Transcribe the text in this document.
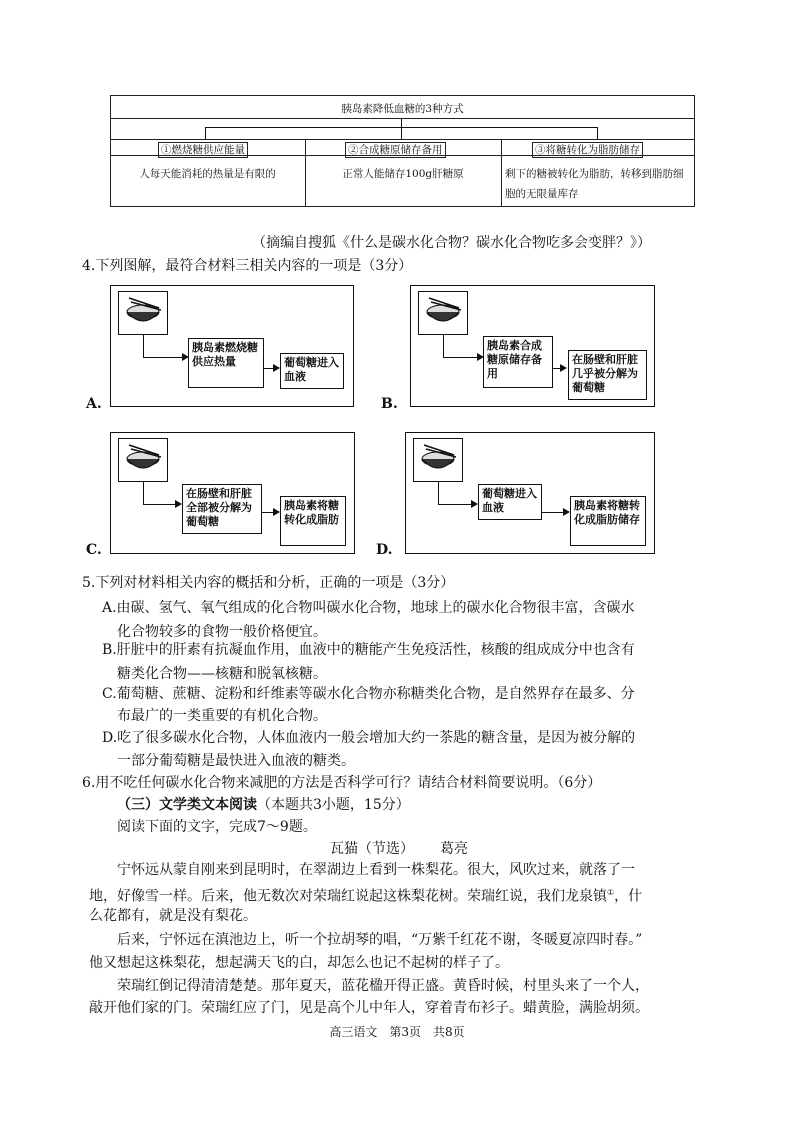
胰岛素降低血糖的3种方式
①燃烧糖供应能量	②合成糖原储存备用	③将糖转化为脂肪储存
人每天能消耗的热量是有限的	正常人能储存100g肝糖原	剩下的糖被转化为脂肪，转移到脂肪细胞的无限量库存
（摘编自搜狐《什么是碳水化合物？碳水化合物吃多会变胖？》）
4.下列图解，最符合材料三相关内容的一项是（3分）
胰岛素燃烧糖供应热量	葡萄糖进入血液
A.
胰岛素合成糖原储存备用
在肠壁和肝脏几乎被分解为葡萄糖
B.
在肠壁和肝脏全部被分解为葡萄糖
胰岛素将糖转化成脂肪
C.
葡萄糖进入血液	胰岛素将糖转化成脂肪储存
D.
5.下列对材料相关内容的概括和分析，正确的一项是（3分）
A.由碳、氢气、氧气组成的化合物叫碳水化合物，地球上的碳水化合物很丰富，含碳水
化合物较多的食物一般价格便宜。
B.肝脏中的肝素有抗凝血作用，血液中的糖能产生免疫活性，核酸的组成成分中也含有
糖类化合物——核糖和脱氧核糖。
C.葡萄糖、蔗糖、淀粉和纤维素等碳水化合物亦称糖类化合物，是自然界存在最多、分
布最广的一类重要的有机化合物。
D.吃了很多碳水化合物，人体血液内一般会增加大约一茶匙的糖含量，是因为被分解的
一部分葡萄糖是最快进入血液的糖类。
6.用不吃任何碳水化合物来减肥的方法是否科学可行？请结合材料简要说明。（6分）
（三）文学类文本阅读（本题共3小题，15分）
阅读下面的文字，完成7～9题。
瓦猫（节选） 葛亮
宁怀远从蒙自刚来到昆明时，在翠湖边上看到一株梨花。很大，风吹过来，就落了一
地，好像雪一样。后来，他无数次对荣瑞红说起这株梨花树。荣瑞红说，我们龙泉镇①，什
么花都有，就是没有梨花。
后来，宁怀远在滇池边上，听一个拉胡琴的唱，“万紫千红花不谢，冬暖夏凉四时春。”
他又想起这株梨花，想起满天飞的白，却怎么也记不起树的样子了。
荣瑞红倒记得清清楚楚。那年夏天，蓝花楹开得正盛。黄昏时候，村里头来了一个人，
敲开他们家的门。荣瑞红应了门，见是高个儿中年人，穿着青布衫子。蜡黄脸，满脸胡须。
高三语文　第3页　共8页
